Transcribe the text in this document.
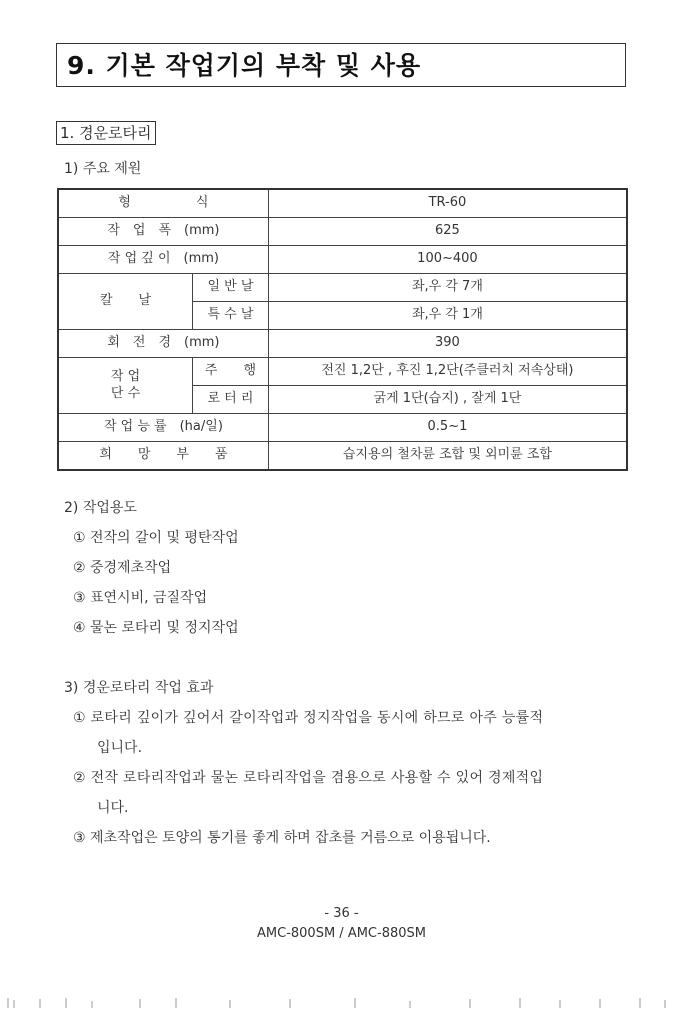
9. 기본 작업기의 부착 및 사용
1. 경운로타리
1) 주요 제원
형　　　　　식		TR-60
작　업　폭　(mm)		625
작 업 깊 이　(mm)		100~400
칼　　날	일 반 날	좌,우 각 7개
	특 수 날	좌,우 각 1개
회　전　경　(mm)		390

작 업
단 수	주　　행	전진 1,2단 , 후진 1,2단(주클러치 저속상태)
	로 터 리	굵게 1단(습지) , 잘게 1단
작 업 능 률　(ha/일)		0.5~1
희　　망　　부　　품		습지용의 철차륜 조합 및 외미륜 조합
2) 작업용도
① 전작의 갈이 및 평탄작업
② 중경제초작업
③ 표연시비, 금질작업
④ 물논 로타리 및 정지작업
3) 경운로타리 작업 효과
① 로타리 깊이가 깊어서 갈이작업과 정지작업을 동시에 하므로 아주 능률적
입니다.
② 전작 로타리작업과 물논 로타리작업을 겸용으로 사용할 수 있어 경제적입
니다.
③ 제초작업은 토양의 통기를 좋게 하며 잡초를 거름으로 이용됩니다.
- 36 -
AMC-800SM / AMC-880SM
